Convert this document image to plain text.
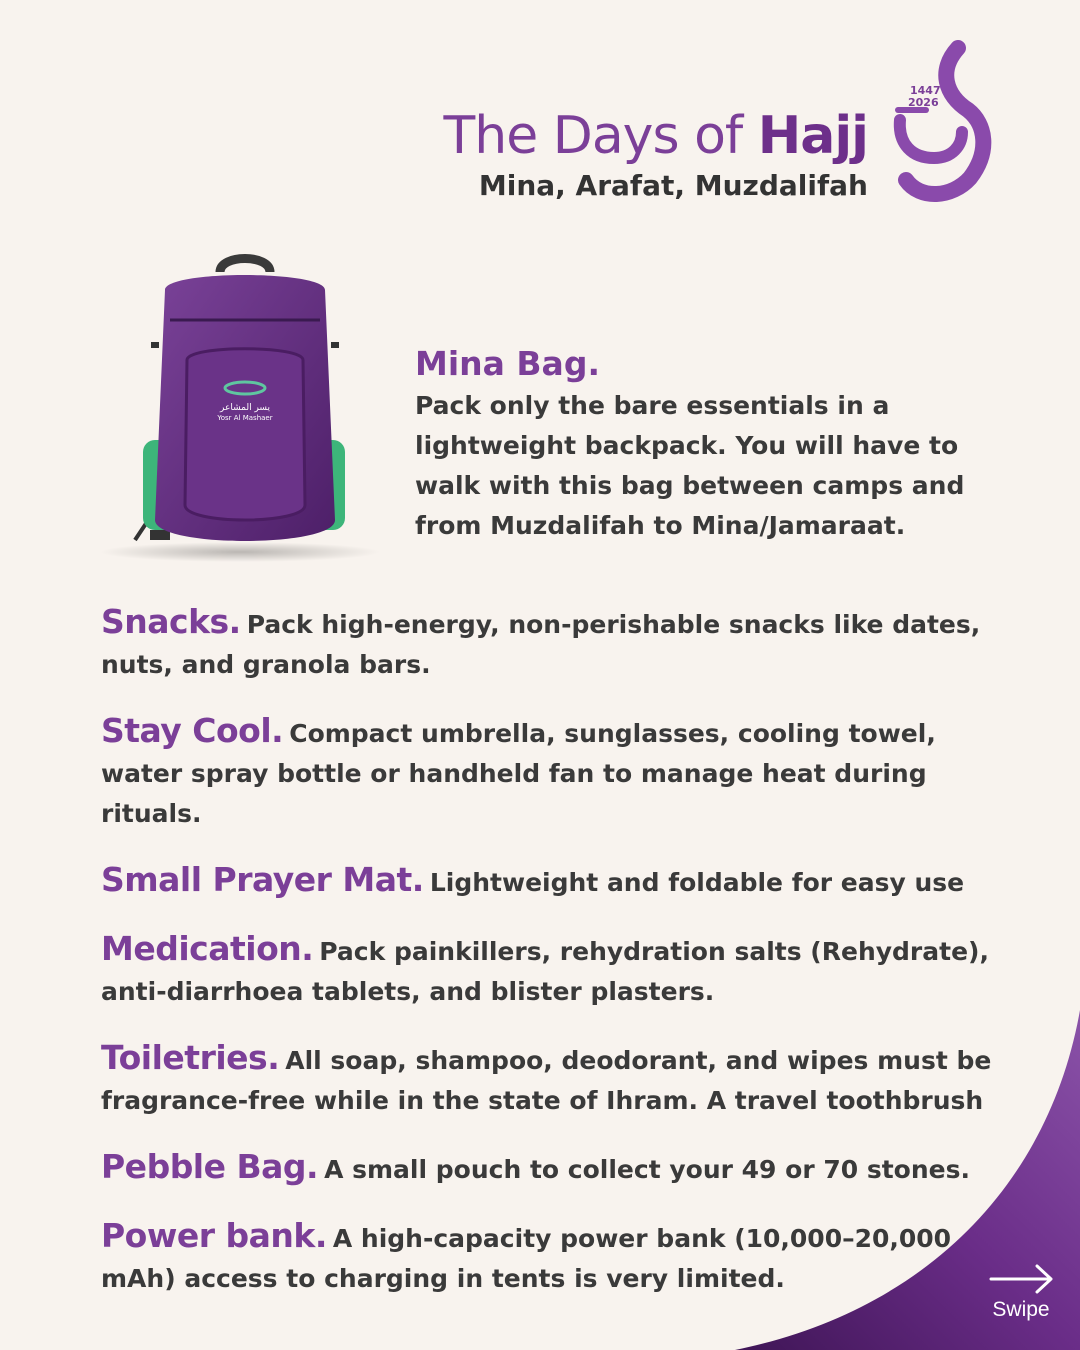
The Days of Hajj
Mina, Arafat, Muzdalifah
1447
2026
يسر المشاعر
Yosr Al Mashaer
Mina Bag.
Pack only the bare essentials in a lightweight backpack. You will have to walk with this bag between camps and from Muzdalifah to Mina/Jamaraat.

Snacks. Pack high-energy, non-perishable snacks like dates, nuts, and granola bars.

Stay Cool. Compact umbrella, sunglasses, cooling towel, water spray bottle or handheld fan to manage heat during rituals.

Small Prayer Mat. Lightweight and foldable for easy use

Medication. Pack painkillers, rehydration salts (Rehydrate), anti-diarrhoea tablets, and blister plasters.

Toiletries. All soap, shampoo, deodorant, and wipes must be fragrance-free while in the state of Ihram. A travel toothbrush

Pebble Bag. A small pouch to collect your 49 or 70 stones.

Power bank. A high-capacity power bank (10,000–20,000 mAh) access to charging in tents is very limited.

Swipe
